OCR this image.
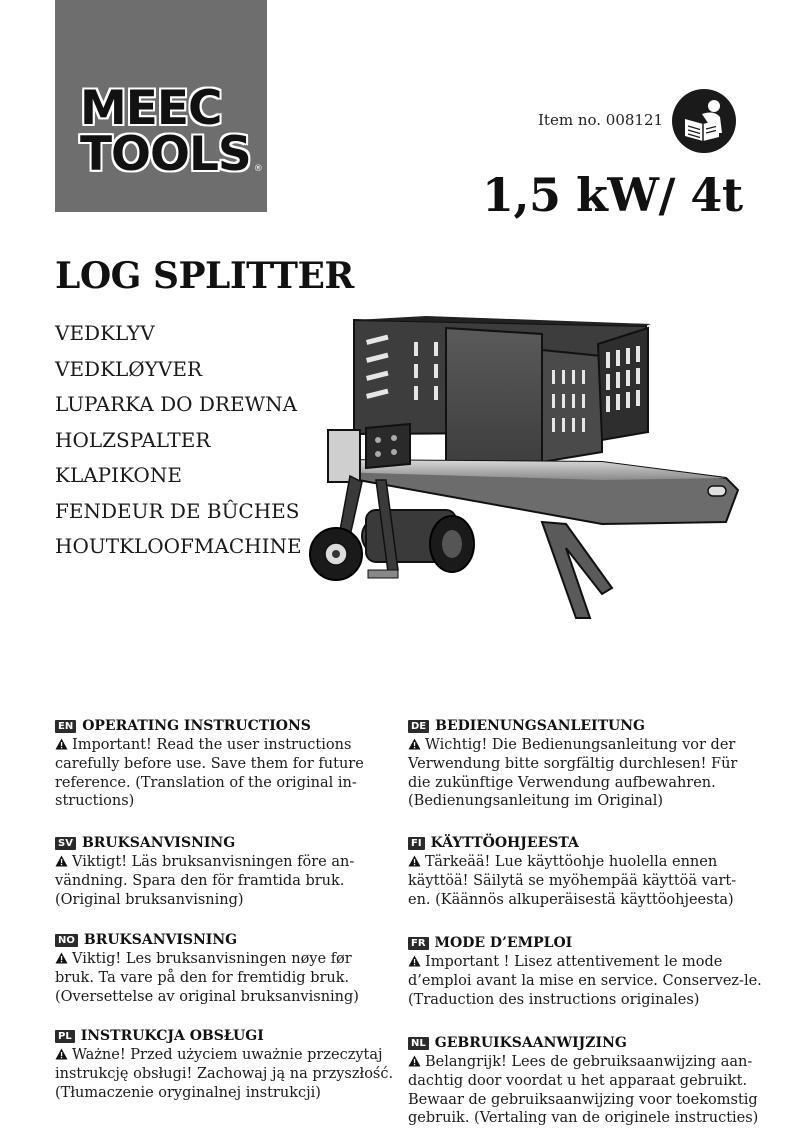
MEEC
TOOLS ®
Item no. 008121
1,5 kW/ 4t
LOG SPLITTER
VEDKLYV
VEDKLØYVER
LUPARKA DO DREWNA
HOLZSPALTER
KLAPIKONE
FENDEUR DE BÛCHES
HOUTKLOOFMACHINE
EN OPERATING INSTRUCTIONS
Important! Read the user instructions
carefully before use. Save them for future
reference. (Translation of the original in-
structions)
SV BRUKSANVISNING
Viktigt! Läs bruksanvisningen före an-
vändning. Spara den för framtida bruk.
(Original bruksanvisning)
NO BRUKSANVISNING
Viktig! Les bruksanvisningen nøye før
bruk. Ta vare på den for fremtidig bruk.
(Oversettelse av original bruksanvisning)
PL INSTRUKCJA OBSŁUGI
Ważne! Przed użyciem uważnie przeczytaj
instrukcję obsługi! Zachowaj ją na przyszłość.
(Tłumaczenie oryginalnej instrukcji)
DE BEDIENUNGSANLEITUNG
Wichtig! Die Bedienungsanleitung vor der
Verwendung bitte sorgfältig durchlesen! Für
die zukünftige Verwendung aufbewahren.
(Bedienungsanleitung im Original)
FI KÄYTTÖOHJEESTA
Tärkeää! Lue käyttöohje huolella ennen
käyttöä! Säilytä se myöhempää käyttöä vart-
en. (Käännös alkuperäisestä käyttöohjeesta)
FR MODE D’EMPLOI
Important ! Lisez attentivement le mode
d’emploi avant la mise en service. Conservez-le.
(Traduction des instructions originales)
NL GEBRUIKSAANWIJZING
Belangrijk! Lees de gebruiksaanwijzing aan-
dachtig door voordat u het apparaat gebruikt.
Bewaar de gebruiksaanwijzing voor toekomstig
gebruik. (Vertaling van de originele instructies)
